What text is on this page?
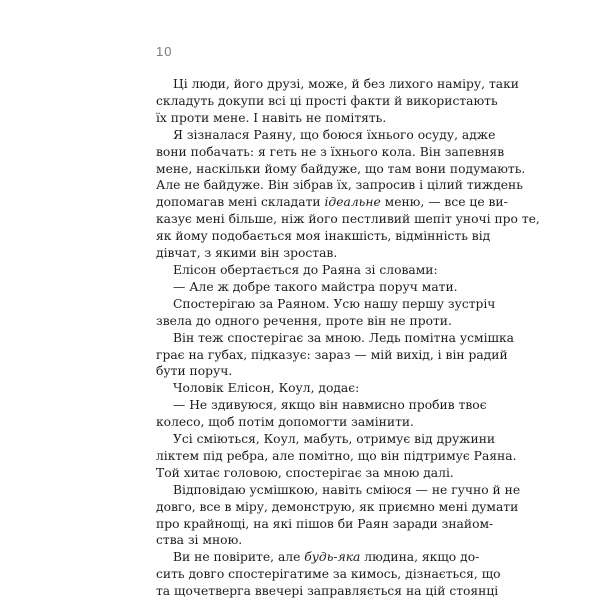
10
Ці люди, його друзі, може, й без лихого наміру, таки
складуть докупи всі ці прості факти й використають
їх проти мене. І навіть не помітять.
Я зізналася Раяну, що боюся їхнього осуду, адже
вони побачать: я геть не з їхнього кола. Він запевняв
мене, наскільки йому байдуже, що там вони подумають.
Але не байдуже. Він зібрав їх, запросив і цілий тиждень
допомагав мені складати ідеальне меню, — все це ви-
казує мені більше, ніж його пестливий шепіт уночі про те,
як йому подобається моя інакшість, відмінність від
дівчат, з якими він зростав.
Елісон обертається до Раяна зі словами:
— Але ж добре такого майстра поруч мати.
Спостерігаю за Раяном. Усю нашу першу зустріч
звела до одного речення, проте він не проти.
Він теж спостерігає за мною. Ледь помітна усмішка
грає на губах, підказує: зараз — мій вихід, і він радий
бути поруч.
Чоловік Елісон, Коул, додає:
— Не здивуюся, якщо він навмисно пробив твоє
колесо, щоб потім допомогти замінити.
Усі сміються, Коул, мабуть, отримує від дружини
ліктем під ребра, але помітно, що він підтримує Раяна.
Той хитає головою, спостерігає за мною далі.
Відповідаю усмішкою, навіть сміюся — не гучно й не
довго, все в міру, демонструю, як приємно мені думати
про крайнощі, на які пішов би Раян заради знайом-
ства зі мною.
Ви не повірите, але будь-яка людина, якщо до-
сить довго спостерігатиме за кимось, дізнається, що
та щочетверга ввечері заправляється на цій стоянці
